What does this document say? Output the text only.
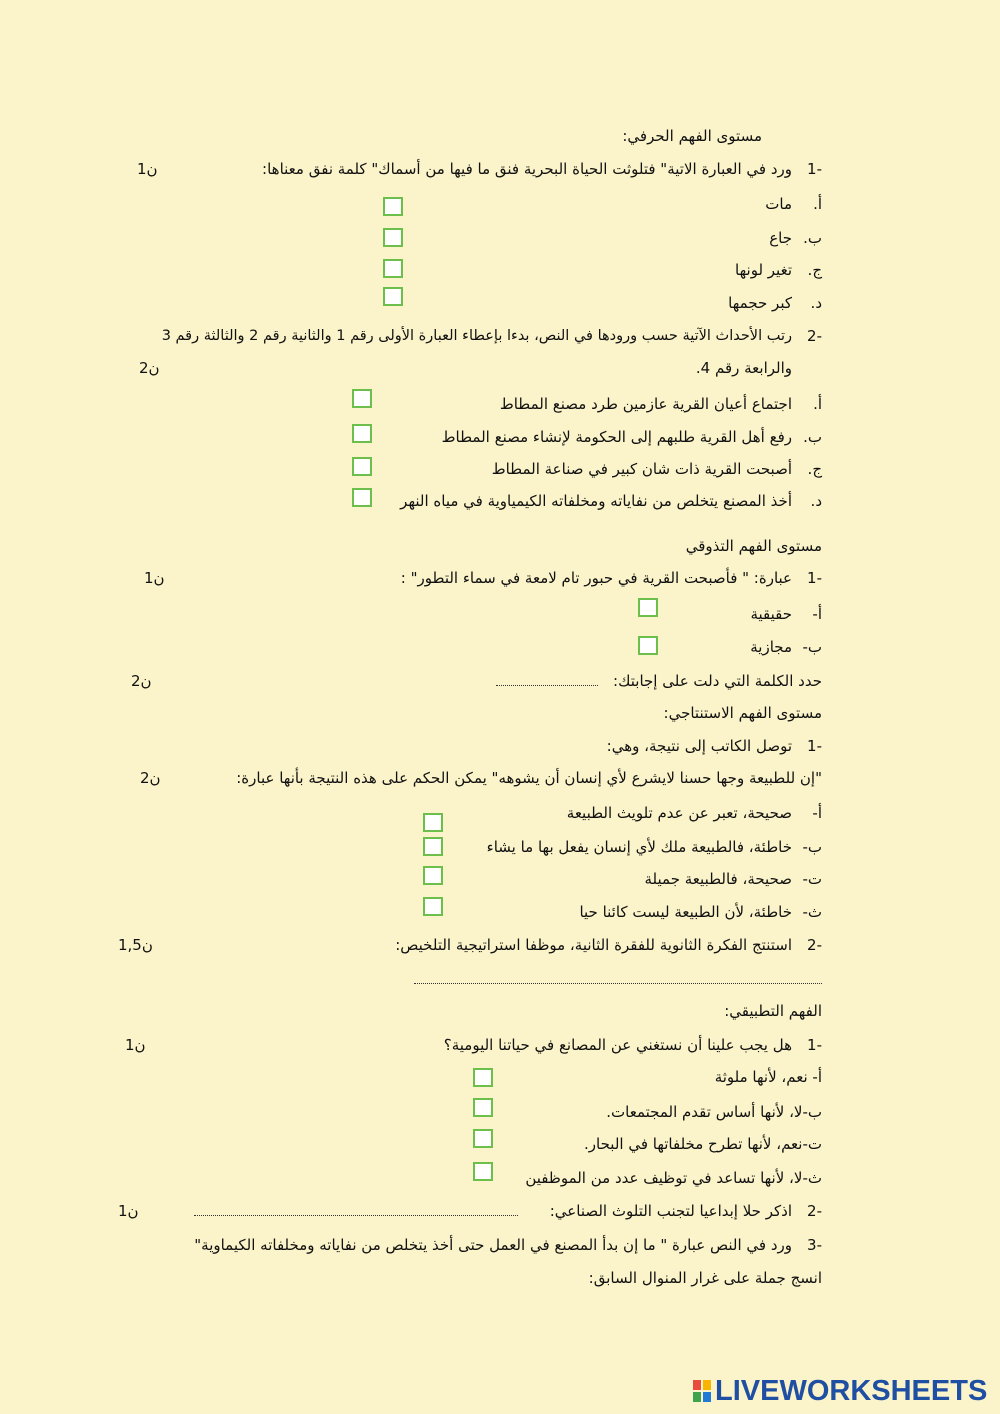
مستوى الفهم الحرفي:
-1
ورد في العبارة الاتية" فتلوثت الحياة البحرية فنق ما فيها من أسماك" كلمة نفق معناها:
1ن
أ.
مات
ب.
جاع
ج.
تغير لونها
د.
كبر حجمها
-2
رتب الأحداث الآتية حسب ورودها في النص، بدءا بإعطاء العبارة الأولى رقم 1 والثانية رقم 2 والثالثة رقم 3
والرابعة رقم 4.
2ن
أ.
اجتماع أعيان القرية عازمين طرد مصنع المطاط
ب.
رفع أهل القرية طلبهم إلى الحكومة لإنشاء مصنع المطاط
ج.
أصبحت القرية ذات شان كبير في صناعة المطاط
د.
أخذ المصنع يتخلص من نفاياته ومخلفاته الكيمياوية في مياه النهر
مستوى الفهم التذوقي
-1
عبارة: " فأصبحت القرية في حبور تام لامعة في سماء التطور" :
1ن
أ-
حقيقية
ب-
مجازية
حدد الكلمة التي دلت على إجابتك:
2ن
مستوى الفهم الاستنتاجي:
-1
توصل الكاتب إلى نتيجة، وهي:
"إن للطبيعة وجها حسنا لايشرع لأي إنسان أن يشوهه" يمكن الحكم على هذه النتيجة بأنها عبارة:
2ن
أ-
صحيحة، تعبر عن عدم تلويث الطبيعة
ب-
خاطئة، فالطبيعة ملك لأي إنسان يفعل بها ما يشاء
ت-
صحيحة، فالطبيعة جميلة
ث-
خاطئة، لأن الطبيعة ليست كائنا حيا
-2
استنتج الفكرة الثانوية للفقرة الثانية، موظفا استراتيجية التلخيص:
1,5ن
الفهم التطبيقي:
-1
هل يجب علينا أن نستغني عن المصانع في حياتنا اليومية؟
1ن
أ- نعم، لأنها ملوثة
ب-لا، لأنها أساس تقدم المجتمعات.
ت-نعم، لأنها تطرح مخلفاتها في البحار.
ث-لا، لأنها تساعد في توظيف عدد من الموظفين
-2
اذكر حلا إبداعيا لتجنب التلوث الصناعي:
1ن
-3
ورد في النص عبارة " ما إن بدأ المصنع في العمل حتى أخذ يتخلص من نفاياته ومخلفاته الكيماوية"
انسج جملة على غرار المنوال السابق:
LIVEWORKSHEETS
